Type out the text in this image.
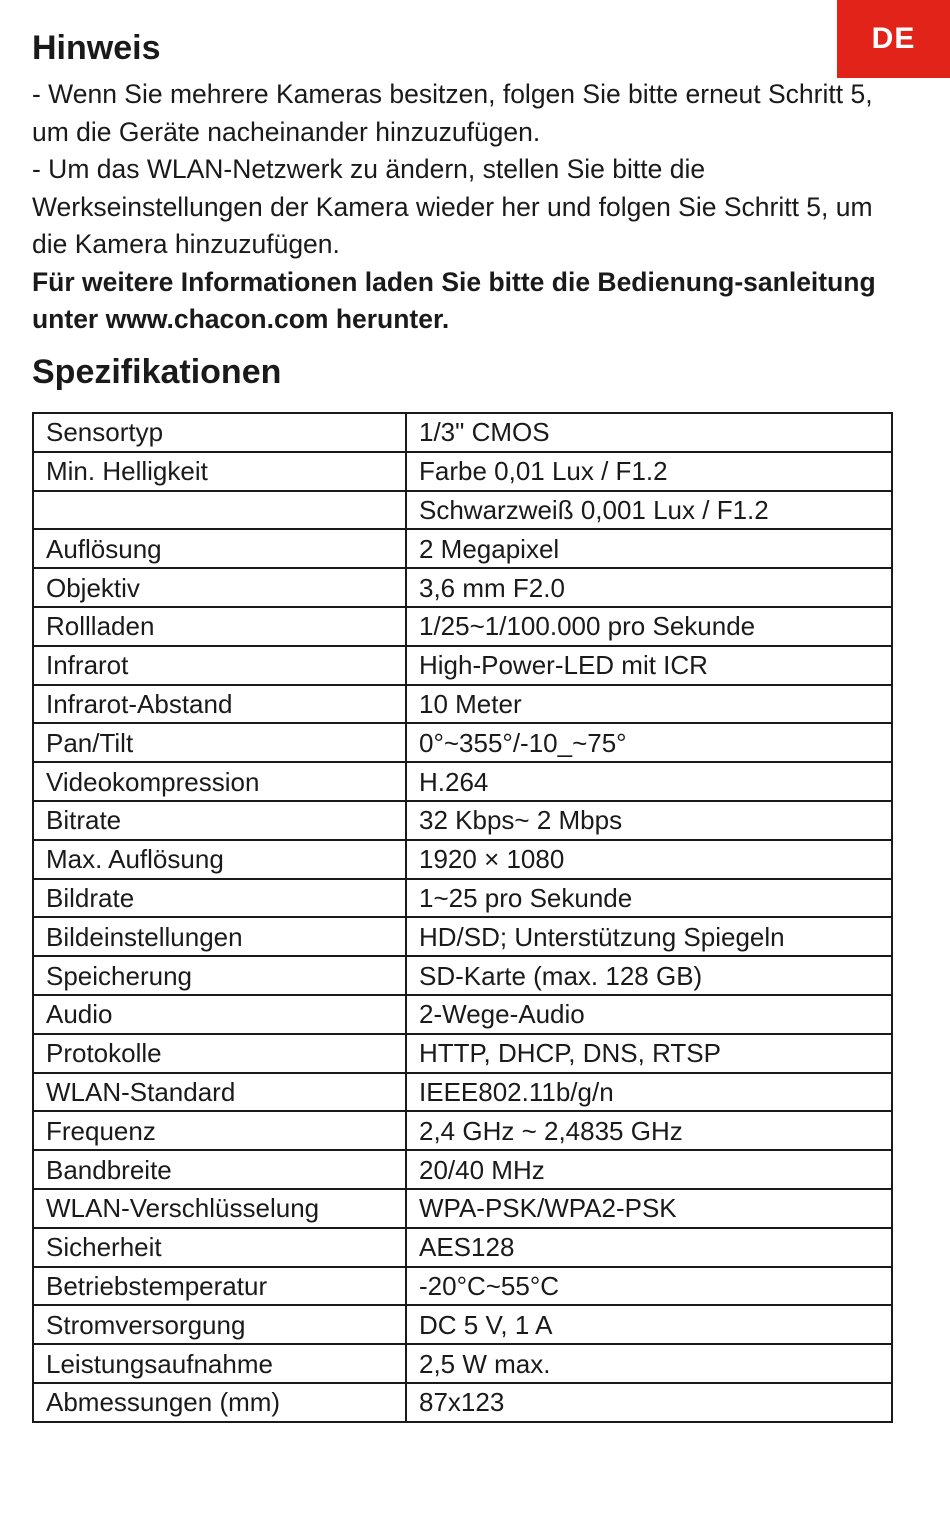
DE
Hinweis

- Wenn Sie mehrere Kameras besitzen, folgen Sie bitte erneut Schritt 5, um die Geräte nacheinander hinzuzufügen.

- Um das WLAN-Netzwerk zu ändern, stellen Sie bitte die Werkseinstellungen der Kamera wieder her und folgen Sie Schritt 5, um die Kamera hinzuzufügen.

Für weitere Informationen laden Sie bitte die Bedienung-sanleitung unter www.chacon.com herunter.

Spezifikationen
Sensortyp	1/3" CMOS
Min. Helligkeit	Farbe 0,01 Lux / F1.2
	Schwarzweiß 0,001 Lux / F1.2
Auflösung	2 Megapixel
Objektiv	3,6 mm F2.0
Rollladen	1/25~1/100.000 pro Sekunde
Infrarot	High-Power-LED mit ICR
Infrarot-Abstand	10 Meter
Pan/Tilt	0°~355°/-10_~75°
Videokompression	H.264
Bitrate	32 Kbps~ 2 Mbps
Max. Auflösung	1920 × 1080
Bildrate	1~25 pro Sekunde
Bildeinstellungen	HD/SD; Unterstützung Spiegeln
Speicherung	SD-Karte (max. 128 GB)
Audio	2-Wege-Audio
Protokolle	HTTP, DHCP, DNS, RTSP
WLAN-Standard	IEEE802.11b/g/n
Frequenz	2,4 GHz ~ 2,4835 GHz
Bandbreite	20/40 MHz
WLAN-Verschlüsselung	WPA-PSK/WPA2-PSK
Sicherheit	AES128
Betriebstemperatur	-20°C~55°C
Stromversorgung	DC 5 V, 1 A
Leistungsaufnahme	2,5 W max.
Abmessungen (mm)	87x123
